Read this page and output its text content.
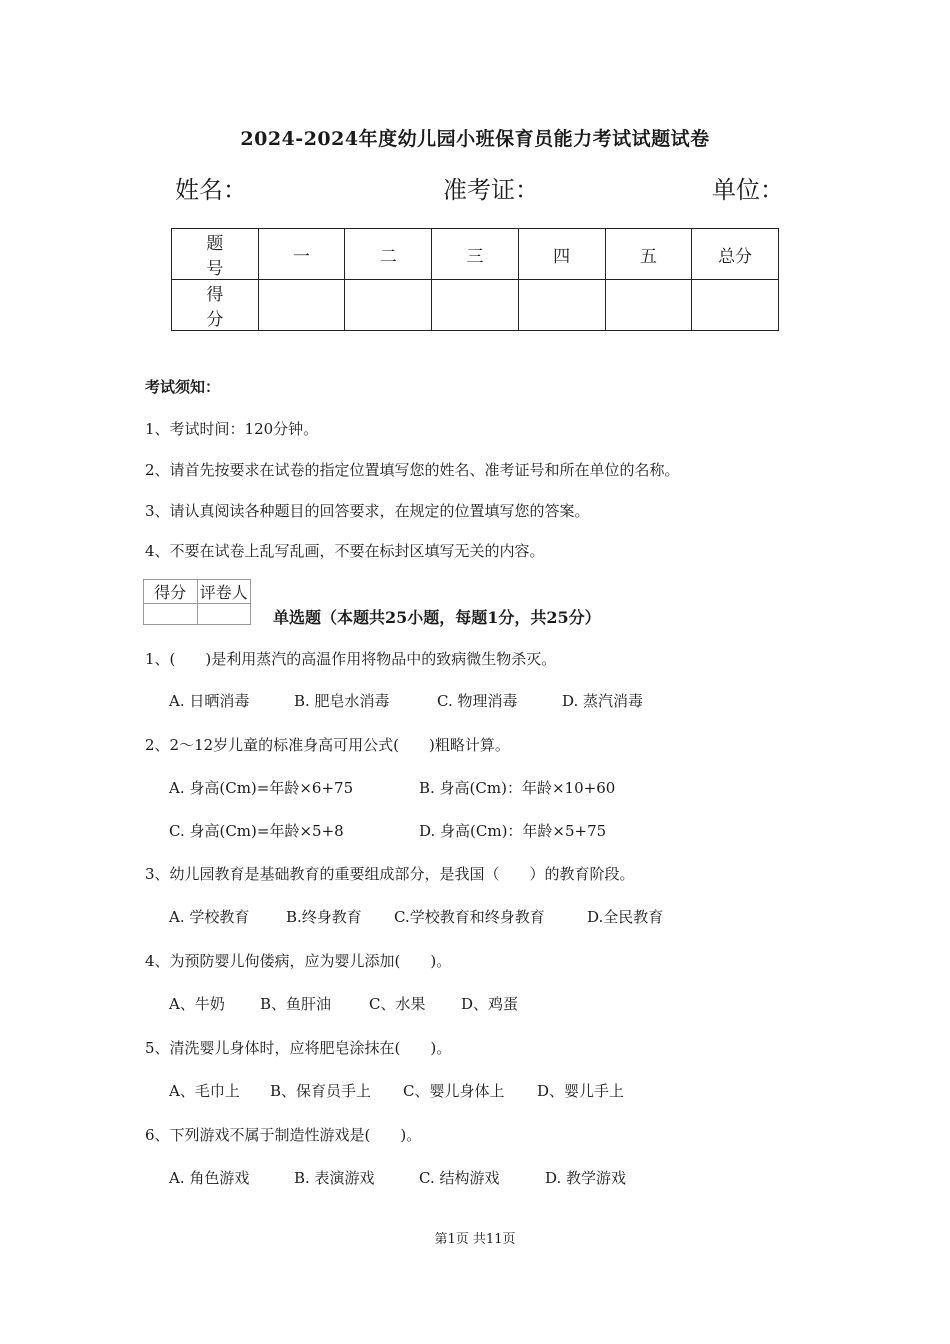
2024-2024年度幼儿园小班保育员能力考试试题试卷
姓名：	准考证：	单位：
题 号	一	二	三	四	五	总分
得 分						
考试须知：
1、考试时间：120分钟。
2、请首先按要求在试卷的指定位置填写您的姓名、准考证号和所在单位的名称。
3、请认真阅读各种题目的回答要求，在规定的位置填写您的答案。
4、不要在试卷上乱写乱画，不要在标封区填写无关的内容。
得分	评卷人

单选题（本题共25小题，每题1分，共25分）
1、(　　)是利用蒸汽的高温作用将物品中的致病微生物杀灭。
A. 日晒消毒	B. 肥皂水消毒	C. 物理消毒	D. 蒸汽消毒
2、2～12岁儿童的标准身高可用公式(　　)粗略计算。
A. 身高(Cm)=年龄×6+75	B. 身高(Cm)：年龄×10+60
C. 身高(Cm)=年龄×5+8	D. 身高(Cm)：年龄×5+75
3、幼儿园教育是基础教育的重要组成部分，是我国（　　）的教育阶段。
A. 学校教育 B.终身教育 C.学校教育和终身教育	D.全民教育
4、为预防婴儿佝偻病，应为婴儿添加(　　)。
A、牛奶 B、鱼肝油	C、水果 D、鸡蛋
5、清洗婴儿身体时，应将肥皂涂抹在(　　)。
A、毛巾上 B、保育员手上 C、婴儿身体上 D、婴儿手上
6、下列游戏不属于制造性游戏是(　　)。
A. 角色游戏	B. 表演游戏	C. 结构游戏	D. 教学游戏
第1页 共11页
